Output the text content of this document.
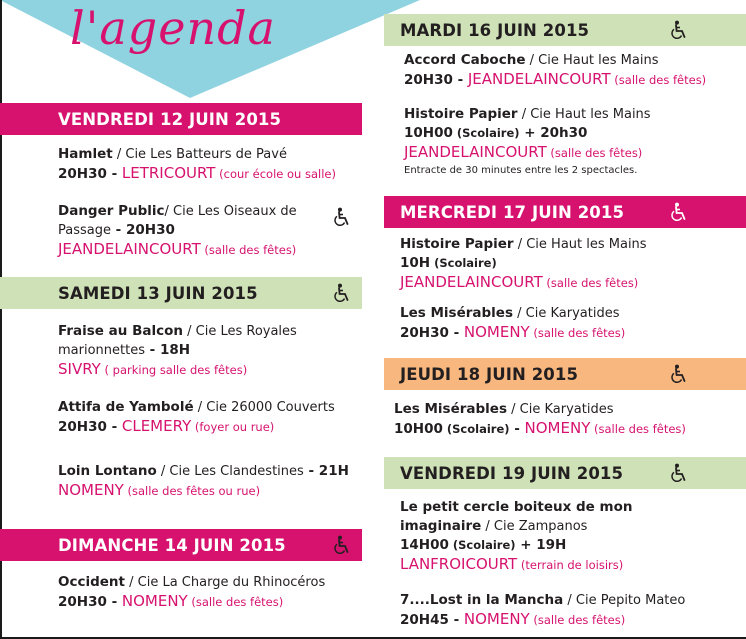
l'agenda
VENDREDI 12 JUIN 2015
Hamlet / Cie Les Batteurs de Pavé
20H30 - LETRICOURT (cour école ou salle)
Danger Public/ Cie Les Oiseaux de
Passage - 20H30
JEANDELAINCOURT (salle des fêtes)
SAMEDI 13 JUIN 2015
Fraise au Balcon / Cie Les Royales
marionnettes - 18H
SIVRY ( parking salle des fêtes)
Attifa de Yambolé / Cie 26000 Couverts
20H30 - CLEMERY (foyer ou rue)
Loin Lontano / Cie Les Clandestines - 21H
NOMENY (salle des fêtes ou rue)
DIMANCHE 14 JUIN 2015
Occident / Cie La Charge du Rhinocéros
20H30 - NOMENY (salle des fêtes)
MARDI 16 JUIN 2015
Accord Caboche / Cie Haut les Mains
20H30 - JEANDELAINCOURT (salle des fêtes)
Histoire Papier / Cie Haut les Mains
10H00 (Scolaire) + 20h30
JEANDELAINCOURT (salle des fêtes)
Entracte de 30 minutes entre les 2 spectacles.
MERCREDI 17 JUIN 2015
Histoire Papier / Cie Haut les Mains
10H (Scolaire)
JEANDELAINCOURT (salle des fêtes)
Les Misérables / Cie Karyatides
20H30 - NOMENY (salle des fêtes)
JEUDI 18 JUIN 2015
Les Misérables / Cie Karyatides
10H00 (Scolaire) - NOMENY (salle des fêtes)
VENDREDI 19 JUIN 2015
Le petit cercle boiteux de mon
imaginaire / Cie Zampanos
14H00 (Scolaire) + 19H
LANFROICOURT (terrain de loisirs)
7....Lost in la Mancha / Cie Pepito Mateo
20H45 - NOMENY (salle des fêtes)
